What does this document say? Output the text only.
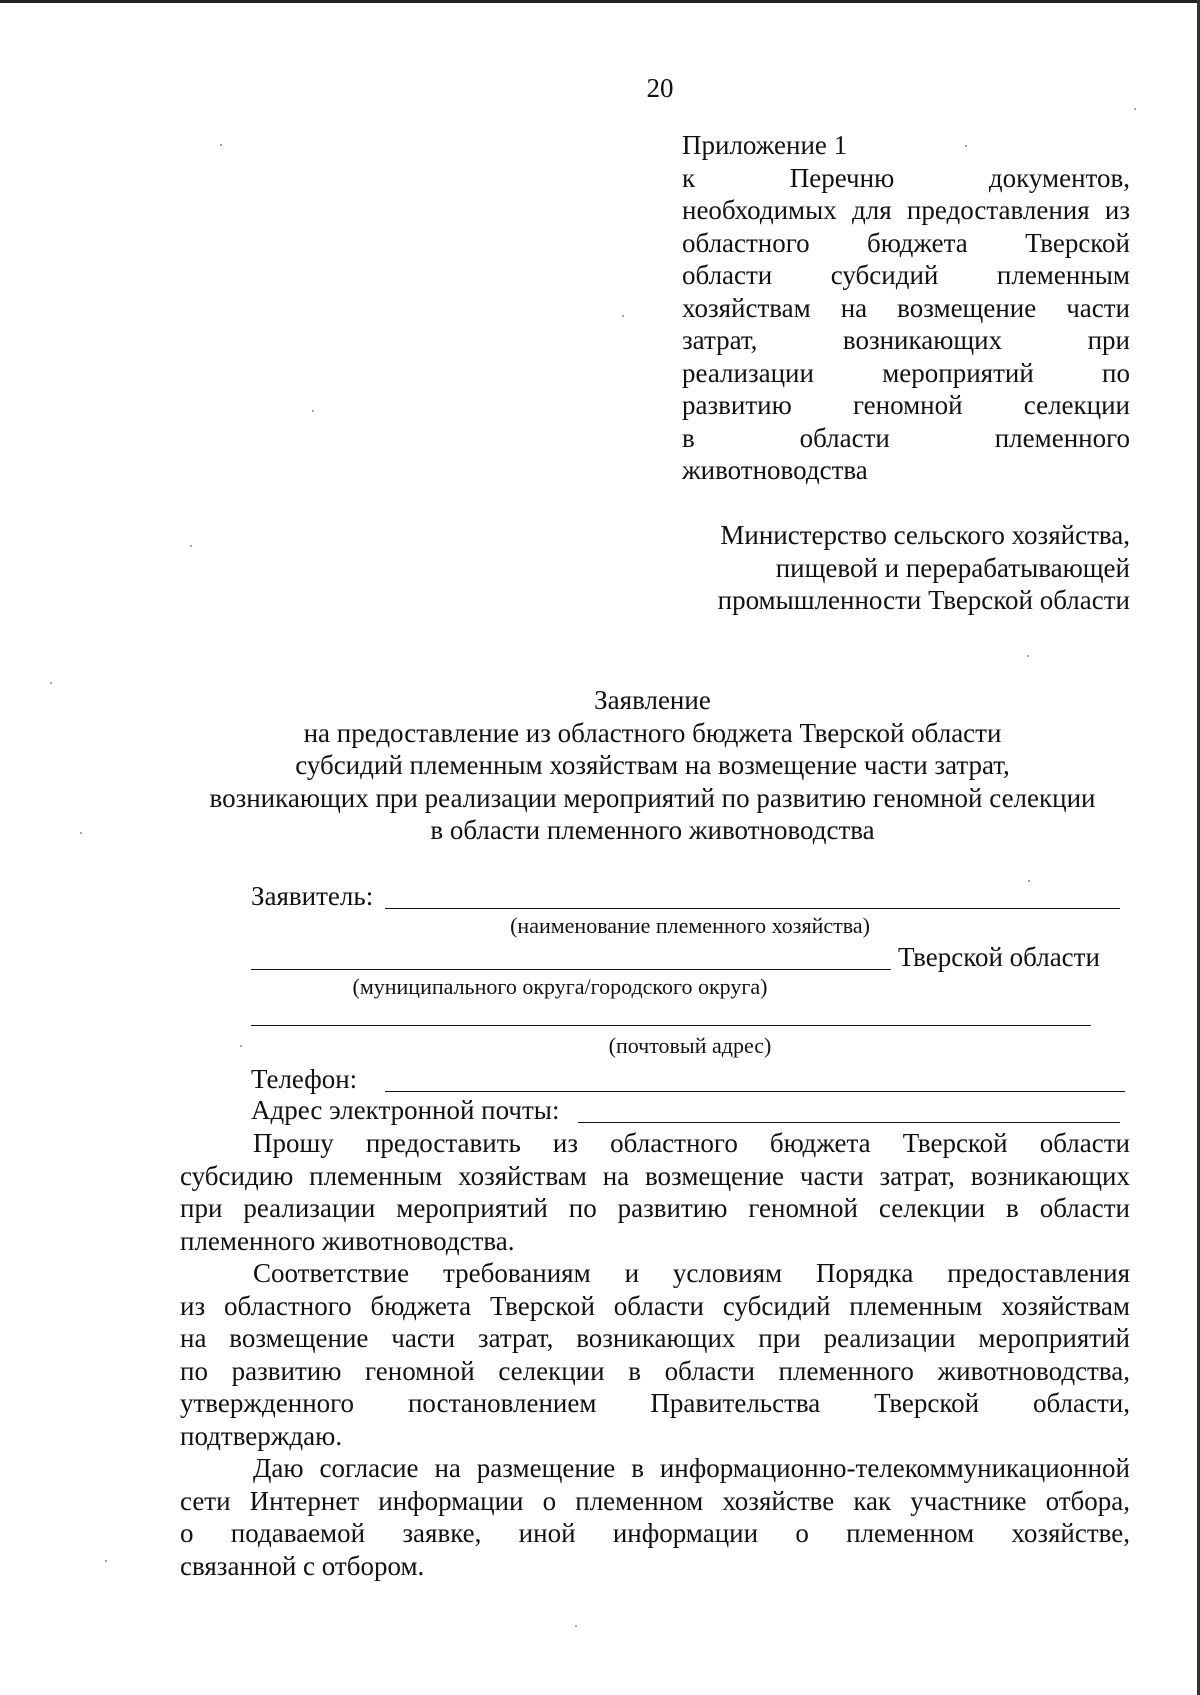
20
Приложение 1
к Перечню документов,
необходимых для предоставления из
областного бюджета Тверской
области субсидий племенным
хозяйствам на возмещение части
затрат, возникающих при
реализации мероприятий по
развитию геномной селекции
в области племенного
животноводства
Министерство сельского хозяйства,
пищевой и перерабатывающей
промышленности Тверской области
Заявление
на предоставление из областного бюджета Тверской области
субсидий племенным хозяйствам на возмещение части затрат,
возникающих при реализации мероприятий по развитию геномной селекции
в области племенного животноводства
Заявитель:
(наименование племенного хозяйства)
Тверской области
(муниципального округа/городского округа)
(почтовый адрес)
Телефон:
Адрес электронной почты:
Прошу предоставить из областного бюджета Тверской области
субсидию племенным хозяйствам на возмещение части затрат, возникающих
при реализации мероприятий по развитию геномной селекции в области
племенного животноводства.
Соответствие требованиям и условиям Порядка предоставления
из областного бюджета Тверской области субсидий племенным хозяйствам
на возмещение части затрат, возникающих при реализации мероприятий
по развитию геномной селекции в области племенного животноводства,
утвержденного постановлением Правительства Тверской области,
подтверждаю.
Даю согласие на размещение в информационно-телекоммуникационной
сети Интернет информации о племенном хозяйстве как участнике отбора,
о подаваемой заявке, иной информации о племенном хозяйстве,
связанной с отбором.
